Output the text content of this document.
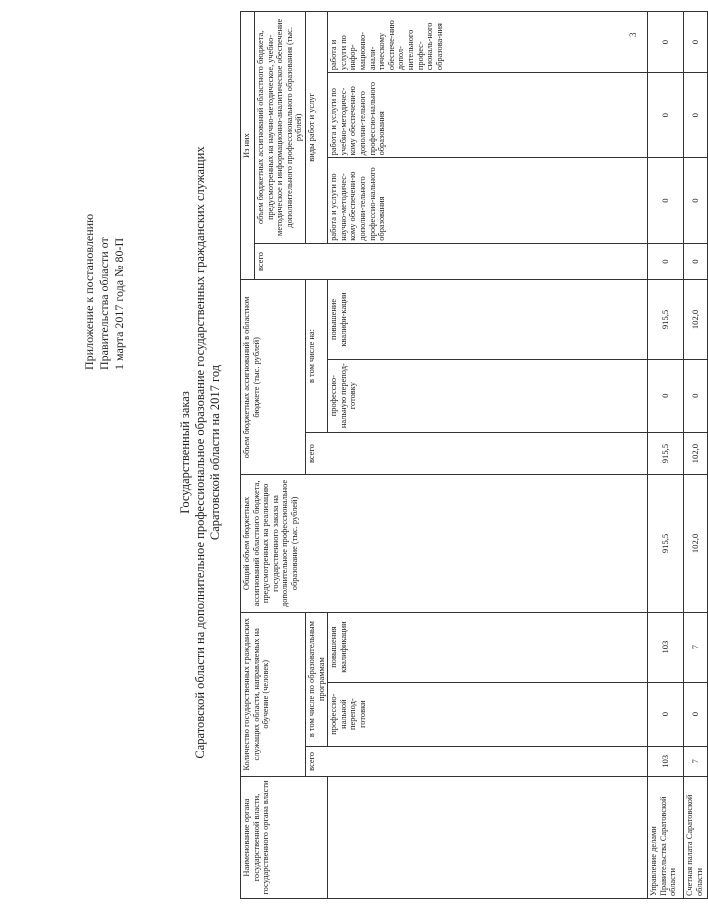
Приложение к постановлению Правительства области от 1 марта 2017 года № 80-П
Государственный заказ Саратовской области на дополнительное профессиональное образование государственных гражданских служащих Саратовской области на 2017 год
Наименование органа государственной власти, государственного органа власти	Количество государственных гражданских служащих области, направляемых на обучение (человек)			Общий объем бюджетных ассигнований областного бюджета, предусмотренных на реализацию государственного заказа на дополнительное профессиональное образование (тыс. рублей)	объем бюджетных ассигнований в областном бюджете (тыс. рублей)			Из них			
								всего	объем бюджетных ассигнований областного бюджета, предусмотренных на научно-методическое, учебно-методическое и информационно-аналитическое обеспечение дополнительного профессионального образования (тыс. рублей)		
	всего	в том числе по образовательным программам			всего	в том числе на:			виды работ и услуг		
		профессио-нальной перепод-готовки	повышения квалификации			профессио-нальную перепод-готовку	повышение квалифи-кации		работа и услуги по научно-методичес-кому обеспечени-ю дополни-тельного профессио-нального образования	работа и услуги по учебно-методичес-кому обеспечени-ю дополни-тельного профессио-нального образования	работа и услуги по инфор-мационно-анали-тическому обеспече-нию допол-нительного профес-сиональ-ного образова-ния
Управление делами Правительства Саратовской области	103	0	103	915,5	915,5	0	915,5	0	0	0	0
Счетная палата Саратовской области	7	0	7	102,0	102,0	0	102,0	0	0	0	0
3
